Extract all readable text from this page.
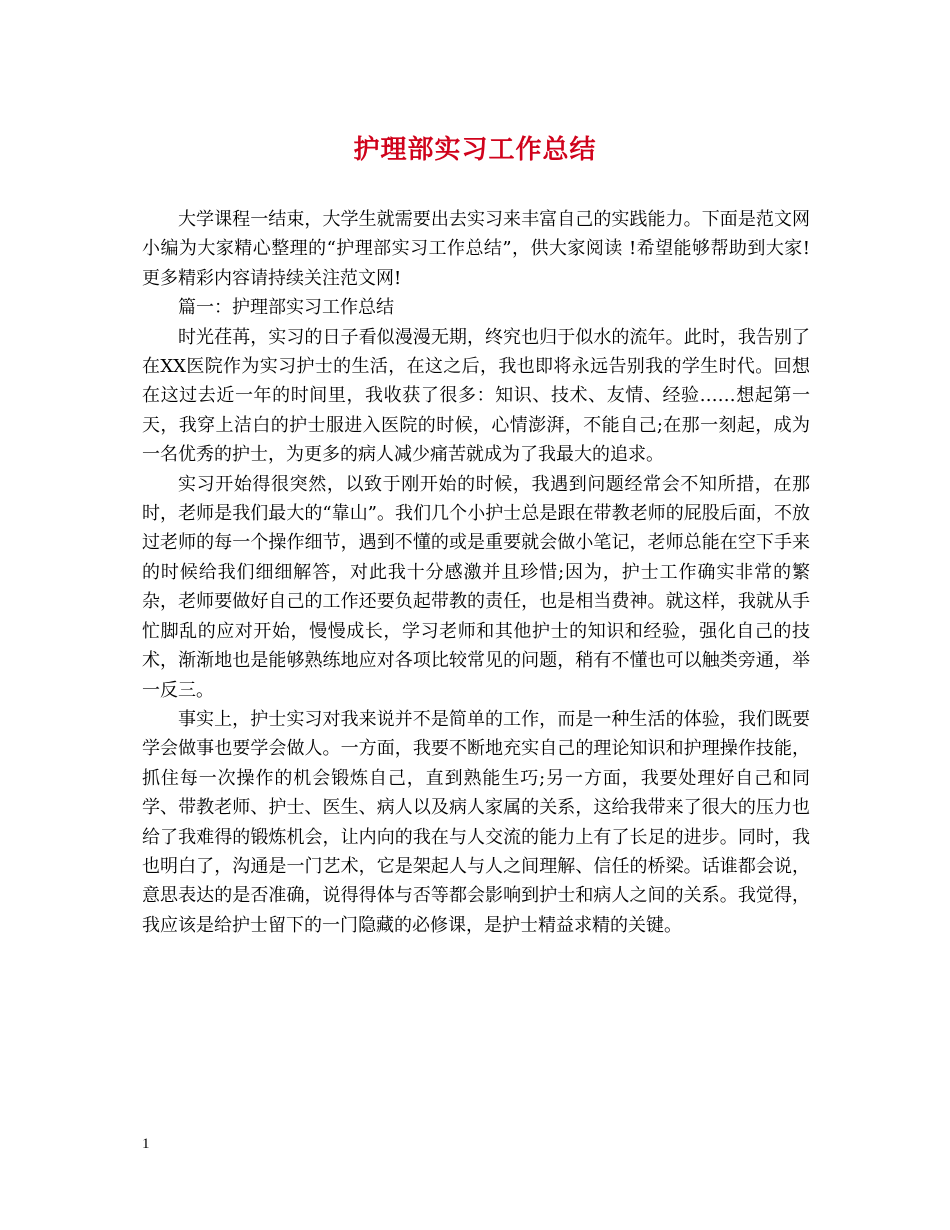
护理部实习工作总结

大学课程一结束，大学生就需要出去实习来丰富自己的实践能力。下面是范文网小编为大家精心整理的“护理部实习工作总结”，供大家阅读 !希望能够帮助到大家!更多精彩内容请持续关注范文网!

篇一：护理部实习工作总结

时光荏苒，实习的日子看似漫漫无期，终究也归于似水的流年。此时，我告别了在XX医院作为实习护士的生活，在这之后，我也即将永远告别我的学生时代。回想在这过去近一年的时间里，我收获了很多：知识、技术、友情、经验……想起第一天，我穿上洁白的护士服进入医院的时候，心情澎湃，不能自己;在那一刻起，成为一名优秀的护士，为更多的病人减少痛苦就成为了我最大的追求。

实习开始得很突然，以致于刚开始的时候，我遇到问题经常会不知所措，在那时，老师是我们最大的“靠山”。我们几个小护士总是跟在带教老师的屁股后面，不放过老师的每一个操作细节，遇到不懂的或是重要就会做小笔记，老师总能在空下手来的时候给我们细细解答，对此我十分感激并且珍惜;因为，护士工作确实非常的繁杂，老师要做好自己的工作还要负起带教的责任，也是相当费神。就这样，我就从手忙脚乱的应对开始，慢慢成长，学习老师和其他护士的知识和经验，强化自己的技术，渐渐地也是能够熟练地应对各项比较常见的问题，稍有不懂也可以触类旁通，举一反三。

事实上，护士实习对我来说并不是简单的工作，而是一种生活的体验，我们既要学会做事也要学会做人。一方面，我要不断地充实自己的理论知识和护理操作技能，抓住每一次操作的机会锻炼自己，直到熟能生巧;另一方面，我要处理好自己和同学、带教老师、护士、医生、病人以及病人家属的关系，这给我带来了很大的压力也给了我难得的锻炼机会，让内向的我在与人交流的能力上有了长足的进步。同时，我也明白了，沟通是一门艺术，它是架起人与人之间理解、信任的桥梁。话谁都会说，意思表达的是否准确，说得得体与否等都会影响到护士和病人之间的关系。我觉得，我应该是给护士留下的一门隐藏的必修课，是护士精益求精的关键。

1
